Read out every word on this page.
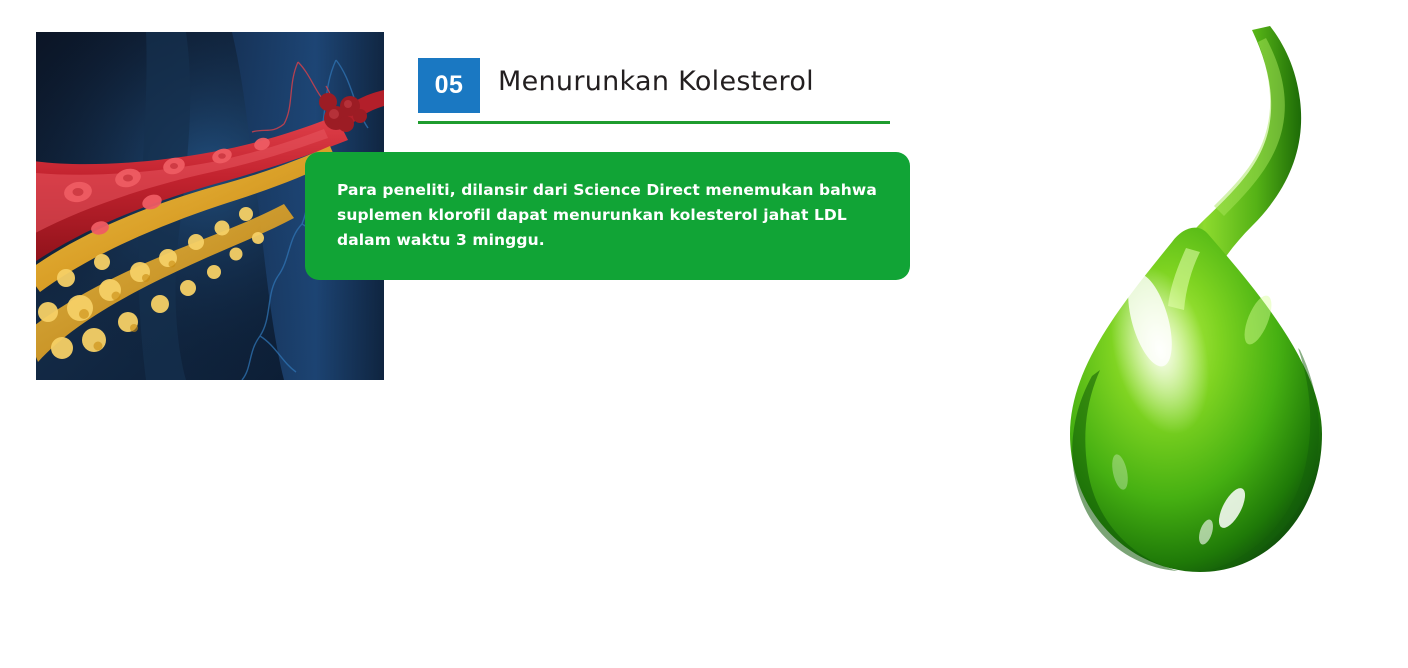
05	Menurunkan Kolesterol
Para peneliti, dilansir dari Science Direct menemukan bahwa suplemen klorofil dapat menurunkan kolesterol jahat LDL dalam waktu 3 minggu.
